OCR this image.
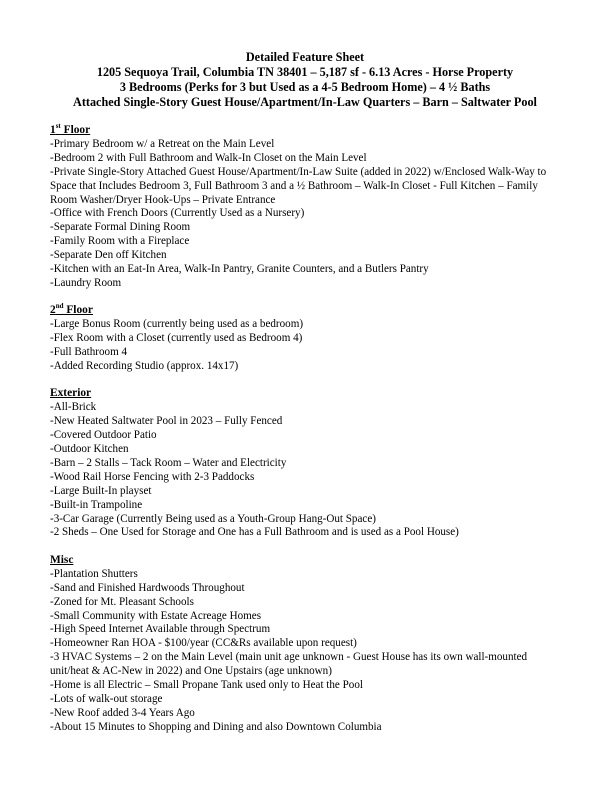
Detailed Feature Sheet
1205 Sequoya Trail, Columbia TN 38401 – 5,187 sf - 6.13 Acres - Horse Property
3 Bedrooms (Perks for 3 but Used as a 4-5 Bedroom Home) – 4 ½ Baths
Attached Single-Story Guest House/Apartment/In-Law Quarters – Barn – Saltwater Pool
1st Floor
-Primary Bedroom w/ a Retreat on the Main Level
-Bedroom 2 with Full Bathroom and Walk-In Closet on the Main Level
-Private Single-Story Attached Guest House/Apartment/In-Law Suite (added in 2022) w/Enclosed Walk-Way to Space that Includes Bedroom 3, Full Bathroom 3 and a ½ Bathroom – Walk-In Closet - Full Kitchen – Family Room Washer/Dryer Hook-Ups – Private Entrance
-Office with French Doors (Currently Used as a Nursery)
-Separate Formal Dining Room
-Family Room with a Fireplace
-Separate Den off Kitchen
-Kitchen with an Eat-In Area, Walk-In Pantry, Granite Counters, and a Butlers Pantry
-Laundry Room
2nd Floor
-Large Bonus Room (currently being used as a bedroom)
-Flex Room with a Closet (currently used as Bedroom 4)
-Full Bathroom 4
-Added Recording Studio (approx. 14x17)
Exterior
-All-Brick
-New Heated Saltwater Pool in 2023 – Fully Fenced
-Covered Outdoor Patio
-Outdoor Kitchen
-Barn – 2 Stalls – Tack Room – Water and Electricity
-Wood Rail Horse Fencing with 2-3 Paddocks
-Large Built-In playset
-Built-in Trampoline
-3-Car Garage (Currently Being used as a Youth-Group Hang-Out Space)
-2 Sheds – One Used for Storage and One has a Full Bathroom and is used as a Pool House)
Misc
-Plantation Shutters
-Sand and Finished Hardwoods Throughout
-Zoned for Mt. Pleasant Schools
-Small Community with Estate Acreage Homes
-High Speed Internet Available through Spectrum
-Homeowner Ran HOA - $100/year (CC&Rs available upon request)
-3 HVAC Systems – 2 on the Main Level (main unit age unknown - Guest House has its own wall-mounted unit/heat & AC-New in 2022) and One Upstairs (age unknown)
-Home is all Electric – Small Propane Tank used only to Heat the Pool
-Lots of walk-out storage
-New Roof added 3-4 Years Ago
-About 15 Minutes to Shopping and Dining and also Downtown Columbia
